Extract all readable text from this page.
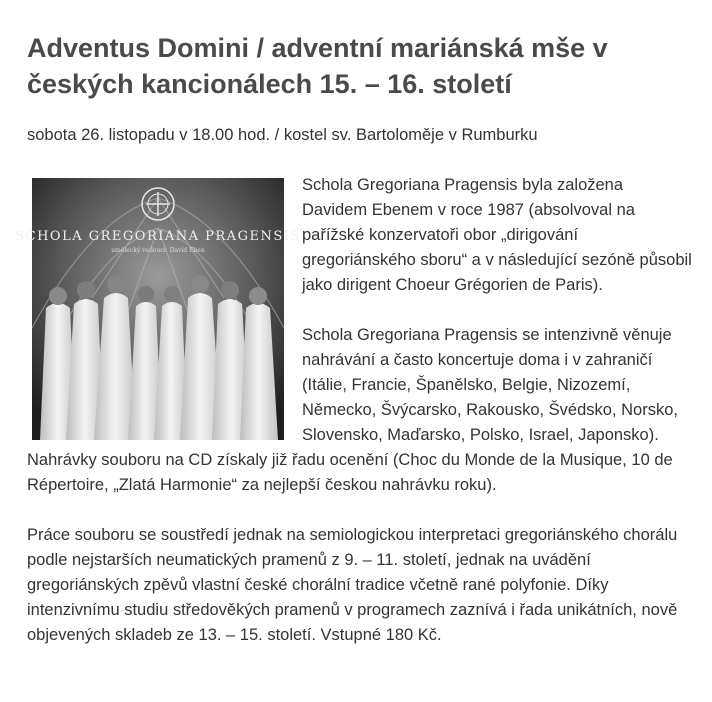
Adventus Domini / adventní mariánská mše v českých kancionálech 15. – 16. století

sobota 26. listopadu v 18.00 hod. / kostel sv. Bartoloměje v Rumburku

SCHOLA GREGORIANA PRAGENSIS
umělecký vedoucí: David Eben

Schola Gregoriana Pragensis byla založena Davidem Ebenem v roce 1987 (absolvoval na pařížské konzervatoři obor „dirigování gregoriánského sboru“ a v následující sezóně působil jako dirigent Choeur Grégorien de Paris).

Schola Gregoriana Pragensis se intenzivně věnuje nahrávání a často koncertuje doma i v zahraničí (Itálie, Francie, Španělsko, Belgie, Nizozemí, Německo, Švýcarsko, Rakousko, Švédsko, Norsko, Slovensko, Maďarsko, Polsko, Israel, Japonsko). Nahrávky souboru na CD získaly již řadu ocenění (Choc du Monde de la Musique, 10 de Répertoire, „Zlatá Harmonie“ za nejlepší českou nahrávku roku).

Práce souboru se soustředí jednak na semiologickou interpretaci gregoriánského chorálu podle nejstarších neumatických pramenů z 9. – 11. století, jednak na uvádění gregoriánských zpěvů vlastní české chorální tradice včetně rané polyfonie. Díky intenzivnímu studiu středověkých pramenů v programech zaznívá i řada unikátních, nově objevených skladeb ze 13. – 15. století. Vstupné 180 Kč.
